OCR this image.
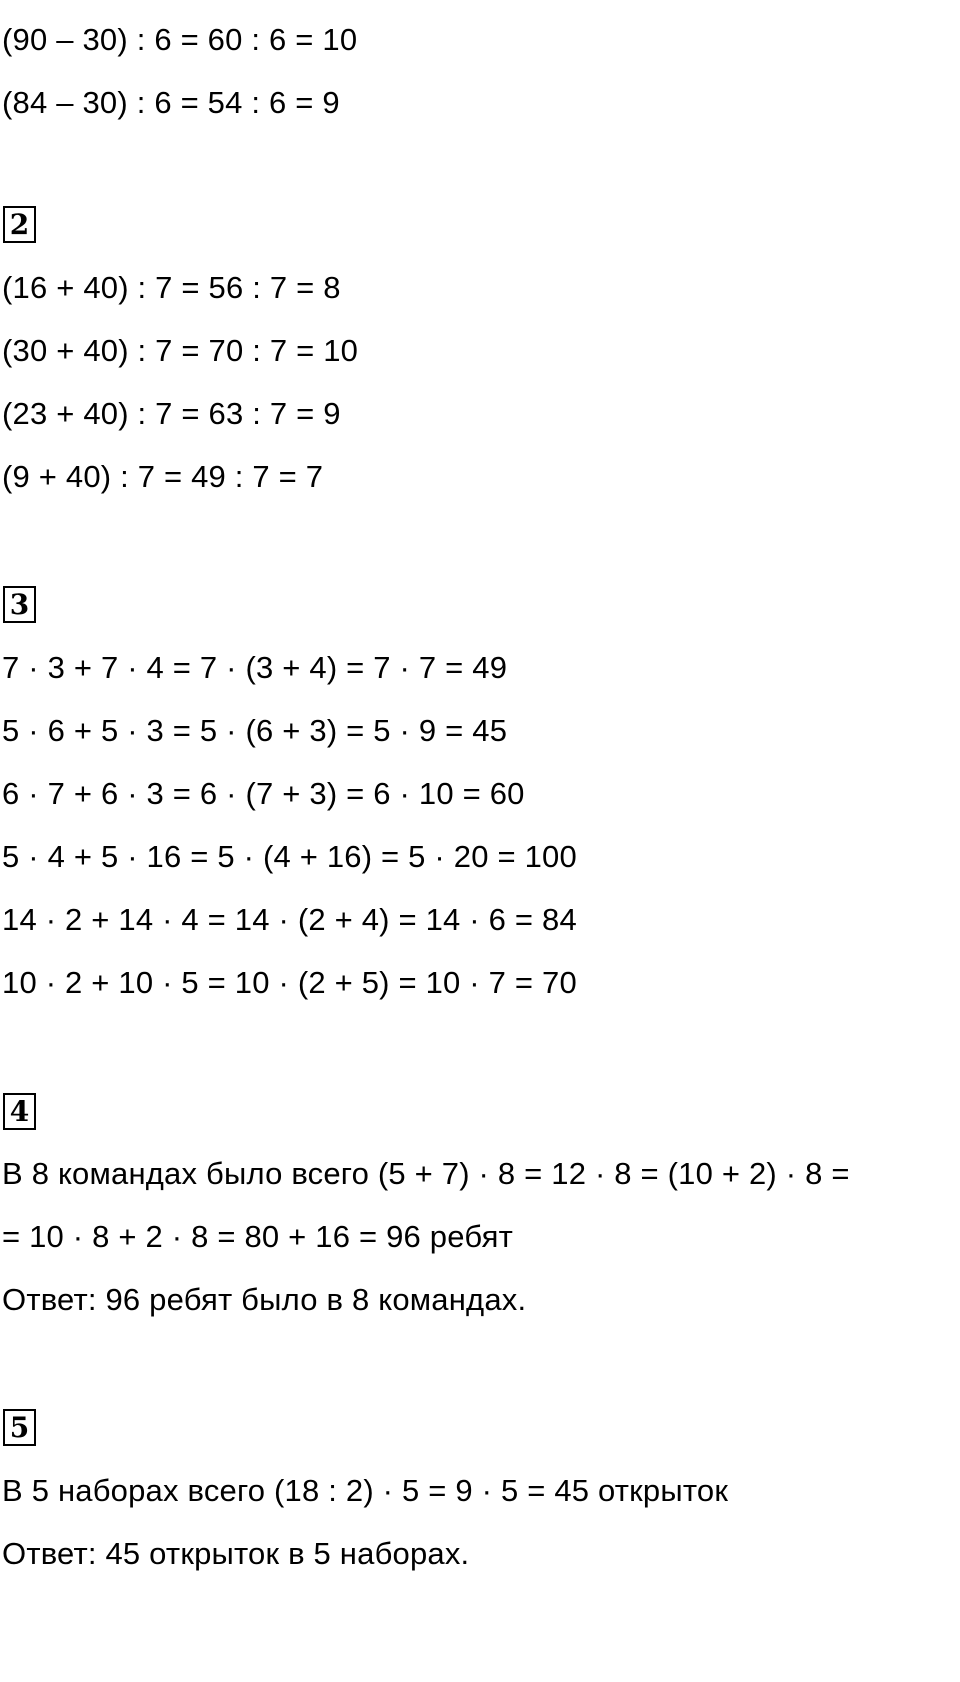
(90 – 30) : 6 = 60 : 6 = 10
(84 – 30) : 6 = 54 : 6 = 9
2
(16 + 40) : 7 = 56 : 7 = 8
(30 + 40) : 7 = 70 : 7 = 10
(23 + 40) : 7 = 63 : 7 = 9
(9 + 40) : 7 = 49 : 7 = 7
3
7 · 3 + 7 · 4 = 7 · (3 + 4) = 7 · 7 = 49
5 · 6 + 5 · 3 = 5 · (6 + 3) = 5 · 9 = 45
6 · 7 + 6 · 3 = 6 · (7 + 3) = 6 · 10 = 60
5 · 4 + 5 · 16 = 5 · (4 + 16) = 5 · 20 = 100
14 · 2 + 14 · 4 = 14 · (2 + 4) = 14 · 6 = 84
10 · 2 + 10 · 5 = 10 · (2 + 5) = 10 · 7 = 70
4
В 8 командах было всего (5 + 7) · 8 = 12 · 8 = (10 + 2) · 8 =
= 10 · 8 + 2 · 8 = 80 + 16 = 96 ребят
Ответ: 96 ребят было в 8 командах.
5
В 5 наборах всего (18 : 2) · 5 = 9 · 5 = 45 открыток
Ответ: 45 открыток в 5 наборах.
